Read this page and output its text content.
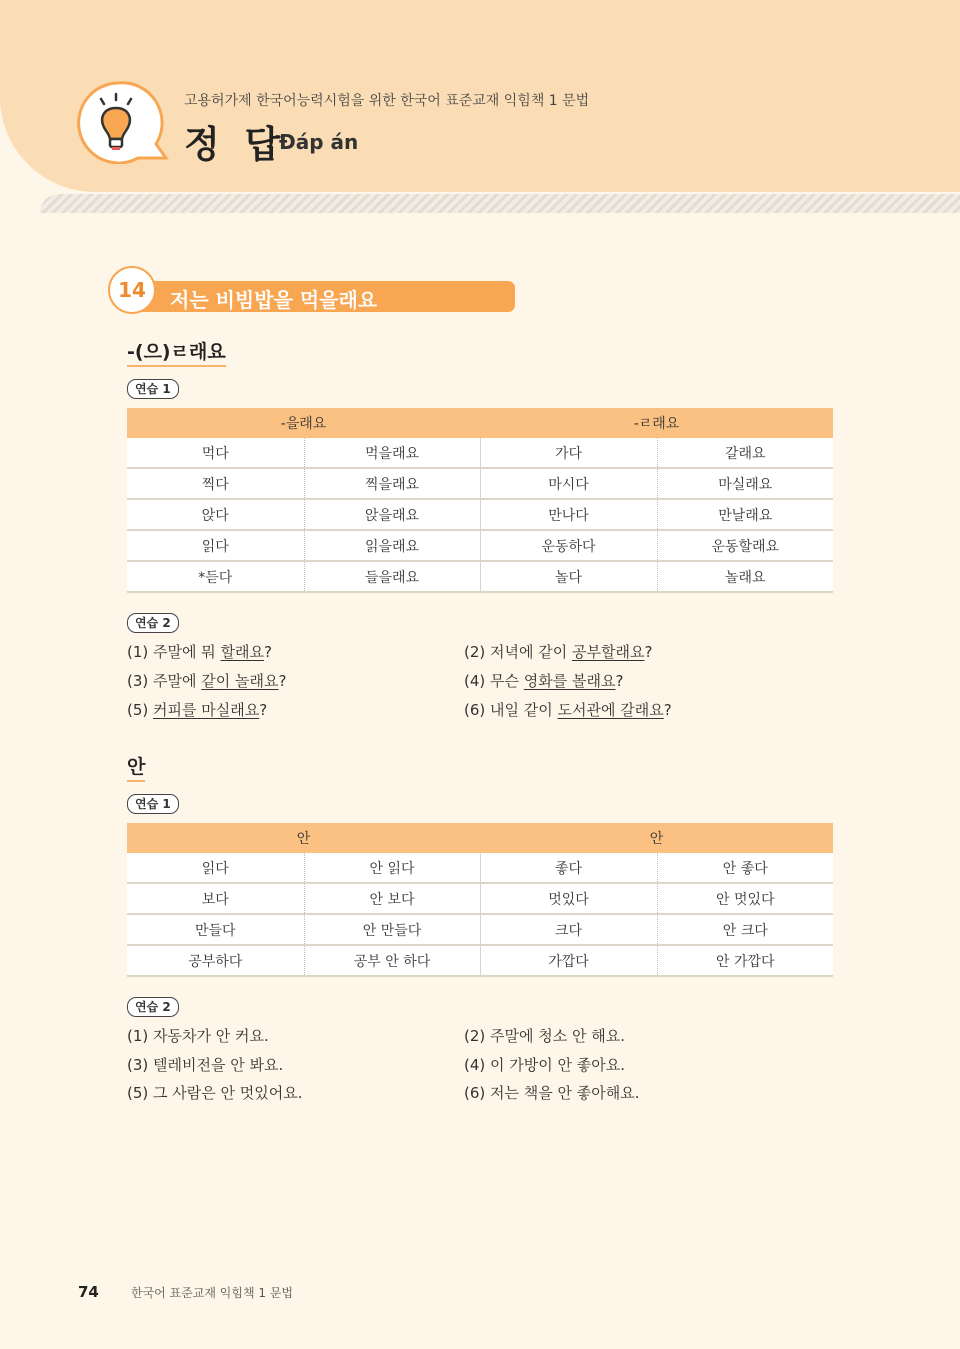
고용허가제 한국어능력시험을 위한 한국어 표준교재 익힘책 1 문법
정 답
Đáp án
저는 비빔밥을 먹을래요
14
-(으)ㄹ래요
연습 1
-을래요		-ㄹ래요	
먹다	먹을래요	가다	갈래요
찍다	찍을래요	마시다	마실래요
앉다	앉을래요	만나다	만날래요
읽다	읽을래요	운동하다	운동할래요
*듣다	들을래요	놀다	놀래요
연습 2
(1) 주말에 뭐 할래요?	(2) 저녁에 같이 공부할래요?
(3) 주말에 같이 놀래요?	(4) 무슨 영화를 볼래요?
(5) 커피를 마실래요?	(6) 내일 같이 도서관에 갈래요?
안
연습 1
안		안	
읽다	안 읽다	좋다	안 좋다
보다	안 보다	멋있다	안 멋있다
만들다	안 만들다	크다	안 크다
공부하다	공부 안 하다	가깝다	안 가깝다
연습 2
(1) 자동차가 안 커요.	(2) 주말에 청소 안 해요.
(3) 텔레비전을 안 봐요.	(4) 이 가방이 안 좋아요.
(5) 그 사람은 안 멋있어요.	(6) 저는 책을 안 좋아해요.
74	한국어 표준교재 익힘책 1 문법
